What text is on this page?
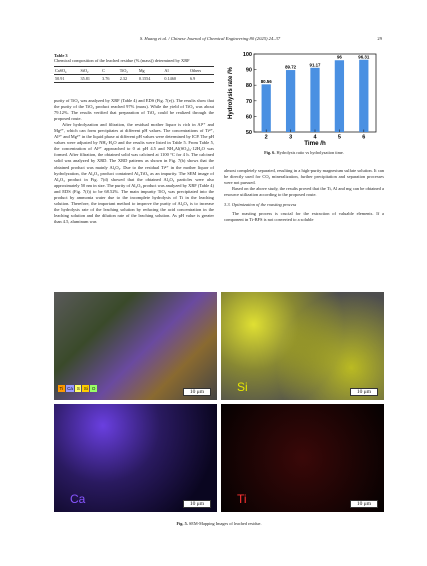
S. Huang et al. / Chinese Journal of Chemical Engineering 80 (2025) 24–37	29
Table 3
Chemical composition of the leached residue (% (mass)) determined by XRF
CaSO₄	SiO₂	C	TiO₂	Mg	Al	Others
50.91	35.81	3.76	2.32	0.1554	0.1460	6.9

purity of TiO₂ was analyzed by XRF (Table 4) and EDS (Fig. 7(e)). The results show that the purity of the TiO₂ product reached 97% (mass). While the yield of TiO₂ was about 79.12%. The results verified that preparation of TiO₂ could be realized through the proposed route.

After hydrolyzation and filtration, the residual mother liquor is rich in Al³⁺ and Mg²⁺, which can form precipitates at different pH values. The concentrations of Ti⁴⁺, Al³⁺ and Mg²⁺ in the liquid phase at different pH values were determined by ICP. The pH values were adjusted by NH₃·H₂O and the results were listed in Table 5. From Table 5, the concentration of Al³⁺ approached to 0 at pH 4.5 and NH₄Al(SO₄)₂·12H₂O was formed. After filtration, the obtained solid was calcined at 1100 °C for 4 h. The calcined solid was analyzed by XRD. The XRD patterns as shown in Fig. 7(b) shows that the obtained product was mainly Al₂O₃. Due to the residual Ti⁴⁺ in the mother liquor of hydrolyzation, the Al₂O₃ product contained Al₂TiO₅ as an impurity. The SEM image of Al₂O₃ product in Fig. 7(d) showed that the obtained Al₂O₃ particles were also approximately 50 nm in size. The purity of Al₂O₃ product was analyzed by XRF (Table 4) and EDS (Fig. 7(f)) to be 68.52%. The main impurity TiO₂ was precipitated into the product by ammonia water due to the incomplete hydrolysis of Ti in the leaching solution. Therefore, the important method to improve the purity of Al₂O₃ is to increase the hydrolysis rate of the leaching solution by reducing the acid concentration in the leaching solution and the dilution rate of the leaching solution. As pH value is greater than 4.5, aluminum was

50
60
70
80
90
100
80.56
2
89.72
3
91.17
4
96
5
96.31
6
Time /h
Hydrolysis rate /%
Fig. 6. Hydrolysis ratio vs hydrolyzation time.

almost completely separated, resulting in a high-purity magnesium sulfate solution. It can be directly used for CO₂ mineralization, further precipitation and separation processes were not pursued.

Based on the above study, the results proved that the Ti, Al and mg can be obtained a resource utilization according to the proposed route.

3.3. Optimization of the roasting process

The roasting process is crucial for the extraction of valuable elements. If a component in Ti-BFS is not converted to a soluble

Ti Ca S Si O
10 μm	Si	10 μm
Ca	10 μm	Ti	10 μm
Fig. 5. SEM-Mapping Images of leached residue.
